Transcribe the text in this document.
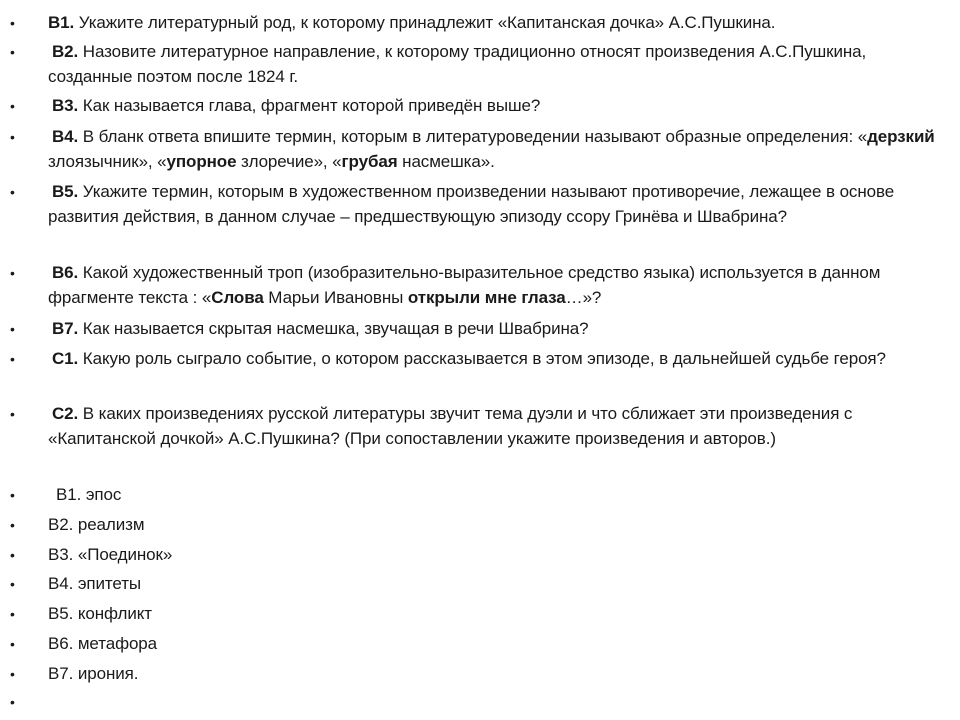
• В1. Укажите литературный род, к которому принадлежит «Капитанская дочка» А.С.Пушкина.
• В2. Назовите литературное направление, к которому традиционно относят произведения А.С.Пушкина, созданные поэтом после 1824 г.
• В3. Как называется глава, фрагмент которой приведён выше?
• В4. В бланк ответа впишите термин, которым в литературоведении называют образные определения: «дерзкий злоязычник», «упорное злоречие», «грубая насмешка».
• В5. Укажите термин, которым в художественном произведении называют противоречие, лежащее в основе развития действия, в данном случае – предшествующую эпизоду ссору Гринёва и Швабрина?
• В6. Какой художественный троп (изобразительно-выразительное средство языка) используется в данном фрагменте текста : «Слова Марьи Ивановны открыли мне глаза…»?
• В7. Как называется скрытая насмешка, звучащая в речи Швабрина?
• С1. Какую роль сыграло событие, о котором рассказывается в этом эпизоде, в дальнейшей судьбе героя?
• С2. В каких произведениях русской литературы звучит тема дуэли и что сближает эти произведения с «Капитанской дочкой» А.С.Пушкина? (При сопоставлении укажите произведения и авторов.)
•	В1. эпос
• В2. реализм
• В3. «Поединок»
• В4. эпитеты
• В5. конфликт
• В6. метафора
• В7. ирония.
•
